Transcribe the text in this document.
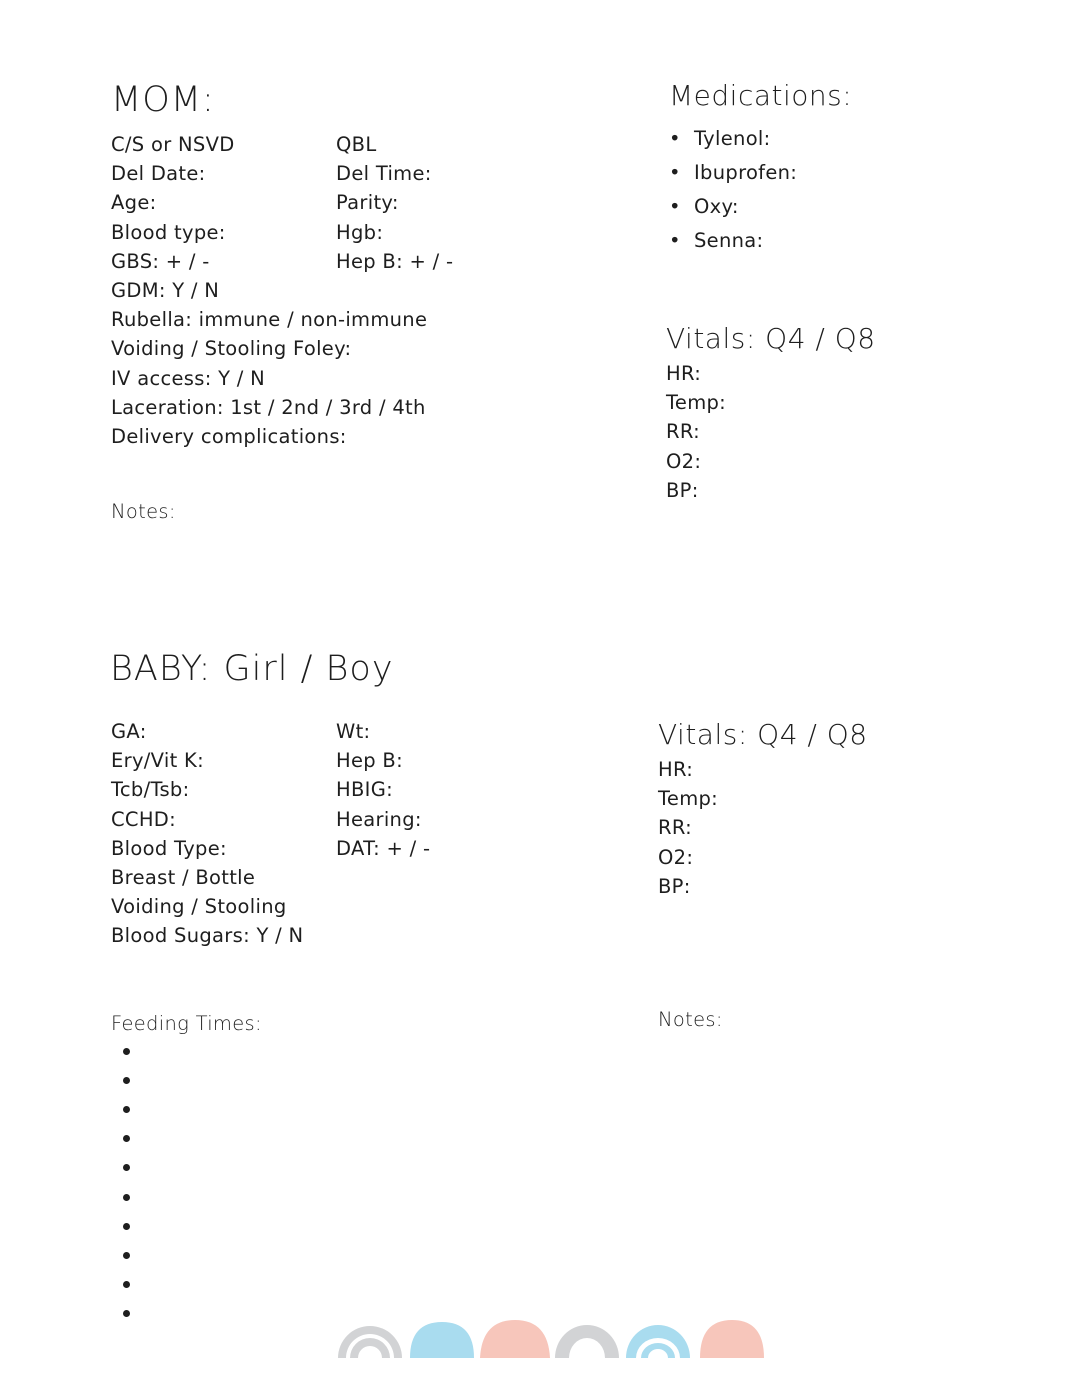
MOM:
C/S or NSVD
Del Date:
Age:
Blood type:
GBS: + / -
GDM: Y / N
Rubella: immune / non-immune
Voiding / Stooling Foley:
IV access: Y / N
Laceration: 1st / 2nd / 3rd / 4th
Delivery complications:
QBL
Del Time:
Parity:
Hgb:
Hep B: + / -
Notes:
Medications:
• Tylenol:
• Ibuprofen:
• Oxy:
• Senna:
Vitals: Q4 / Q8
HR:
Temp:
RR:
O2:
BP:
BABY: Girl / Boy
GA:
Ery/Vit K:
Tcb/Tsb:
CCHD:
Blood Type:
Breast / Bottle
Voiding / Stooling
Blood Sugars: Y / N
Wt:
Hep B:
HBIG:
Hearing:
DAT: + / -
Vitals: Q4 / Q8
HR:
Temp:
RR:
O2:
BP:
Notes:
Feeding Times:
